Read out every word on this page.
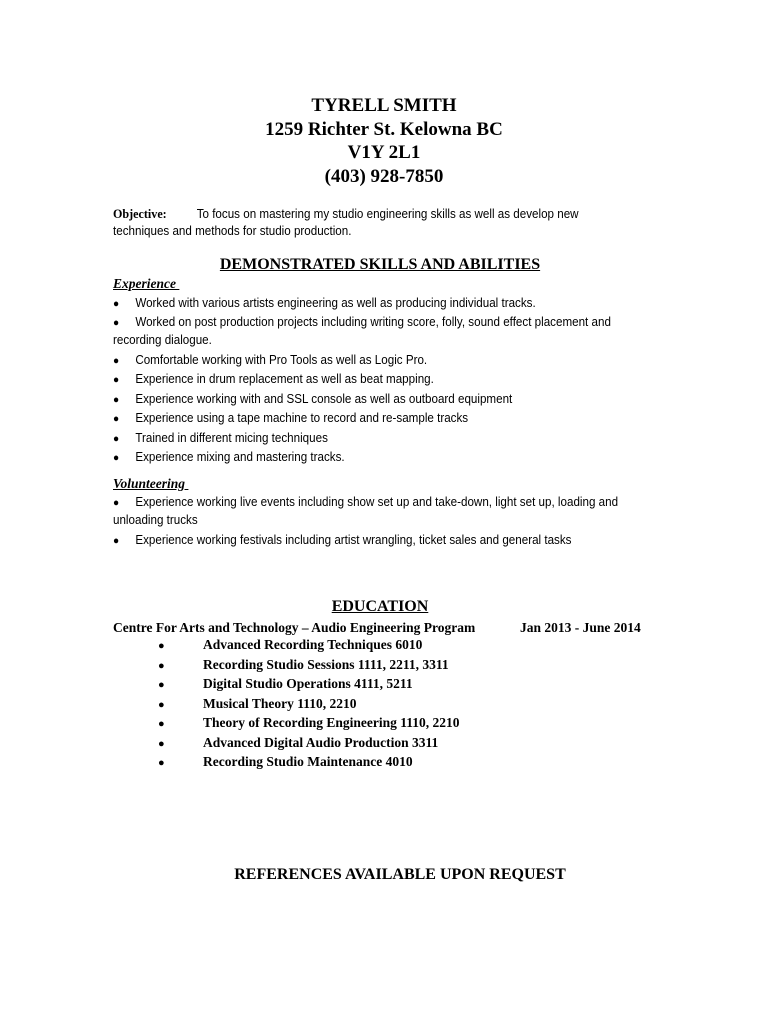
TYRELL SMITH
1259 Richter St. Kelowna BC
V1Y 2L1
(403) 928-7850
Objective: To focus on mastering my studio engineering skills as well as develop new techniques and methods for studio production.
DEMONSTRATED SKILLS AND ABILITIES
Experience
● Worked with various artists engineering as well as producing individual tracks.
● Worked on post production projects including writing score, folly, sound effect placement and recording dialogue.
● Comfortable working with Pro Tools as well as Logic Pro.
● Experience in drum replacement as well as beat mapping.
● Experience working with and SSL console as well as outboard equipment
● Experience using a tape machine to record and re-sample tracks
● Trained in different micing techniques
● Experience mixing and mastering tracks.
Volunteering
● Experience working live events including show set up and take-down, light set up, loading and unloading trucks
● Experience working festivals including artist wrangling, ticket sales and general tasks
EDUCATION
Centre For Arts and Technology – Audio Engineering Program	Jan 2013 - June 2014
●	Advanced Recording Techniques 6010
●	Recording Studio Sessions 1111, 2211, 3311
●	Digital Studio Operations 4111, 5211
●	Musical Theory 1110, 2210
●	Theory of Recording Engineering 1110, 2210
●	Advanced Digital Audio Production 3311
●	Recording Studio Maintenance 4010
REFERENCES AVAILABLE UPON REQUEST
